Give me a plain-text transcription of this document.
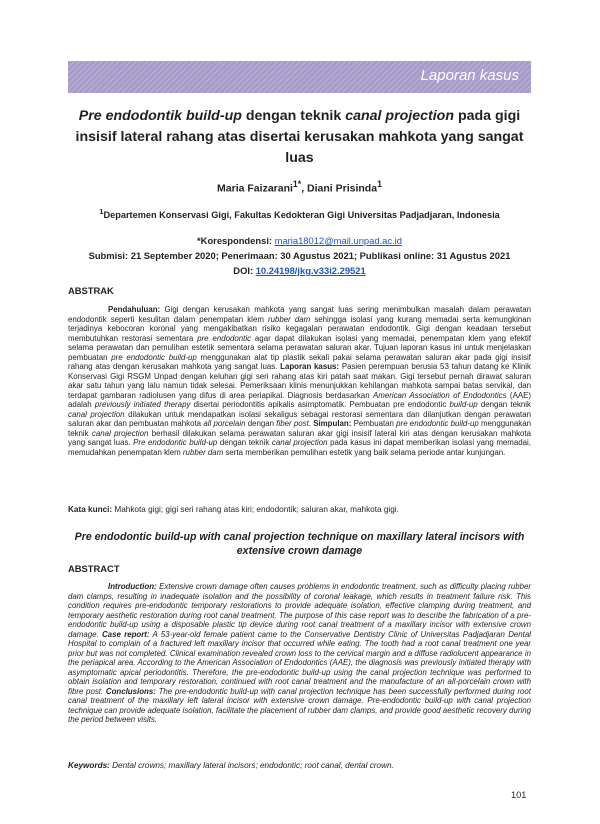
Laporan kasus
Pre endodontik build-up dengan teknik canal projection pada gigi insisif lateral rahang atas disertai kerusakan mahkota yang sangat luas
Maria Faizarani$^{1*}$, Diani Prisinda$^1$
$^1$Departemen Konservasi Gigi, Fakultas Kedokteran Gigi Universitas Padjadjaran, Indonesia
*Korespondensi: maria18012@mail.unpad.ac.id
Submisi: 21 September 2020; Penerimaan: 30 Agustus 2021; Publikasi online: 31 Agustus 2021
DOI: 10.24198/jkg.v33i2.29521
ABSTRAK
Pendahuluan: Gigi dengan kerusakan mahkota yang sangat luas sering menimbulkan masalah dalam perawatan endodontik seperti kesulitan dalam penempatan klem rubber dam sehingga isolasi yang kurang memadai serta kemungkinan terjadinya kebocoran koronal yang mengakibatkan risiko kegagalan perawatan endodontik. Gigi dengan keadaan tersebut membutuhkan restorasi sementara pre endodontic agar dapat dilakukan isolasi yang memadai, penempatan klem yang efektif selama perawatan dan pemulihan estetik sementara selama perawatan saluran akar. Tujuan laporan kasus ini untuk menjelaskan pembuatan pre endodontic build-up menggunakan alat tip plastik sekali pakai selama perawatan saluran akar pada gigi insisif rahang atas dengan kerusakan mahkota yang sangat luas. Laporan kasus: Pasien perempuan berusia 53 tahun datang ke Klinik Konservasi Gigi RSGM Unpad dengan keluhan gigi seri rahang atas kiri patah saat makan. Gigi tersebut pernah dirawat saluran akar satu tahun yang lalu namun tidak selesai. Pemeriksaan klinis menunjukkan kehilangan mahkota sampai batas servikal, dan terdapat gambaran radiolusen yang difus di area periapikal. Diagnosis berdasarkan American Association of Endodontics (AAE) adalah previously initiated therapy disertai periodontitis apikalis asimptomatik. Pembuatan pre endodontic build-up dengan teknik canal projection dilakukan untuk mendapatkan isolasi sekaligus sebagai restorasi sementara dan dilanjutkan dengan perawatan saluran akar dan pembuatan mahkota all porcelain dengan fiber post. Simpulan: Pembuatan pre endodontic build-up menggunakan teknik canal projection berhasil dilakukan selama perawatan saluran akar gigi insisif lateral kiri atas dengan kerusakan mahkota yang sangat luas. Pre endodontic build-up dengan teknik canal projection pada kasus ini dapat memberikan isolasi yang memadai, memudahkan penempatan klem rubber dam serta memberikan pemulihan estetik yang baik selama periode antar kunjungan.
Kata kunci: Mahkota gigi; gigi seri rahang atas kiri; endodontik; saluran akar, mahkota gigi.
Pre endodontic build-up with canal projection technique on maxillary lateral incisors with extensive crown damage
ABSTRACT
Introduction: Extensive crown damage often causes problems in endodontic treatment, such as difficulty placing rubber dam clamps, resulting in inadequate isolation and the possibility of coronal leakage, which results in treatment failure risk. This condition requires pre-endodontic temporary restorations to provide adequate isolation, effective clamping during treatment, and temporary aesthetic restoration during root canal treatment. The purpose of this case report was to describe the fabrication of a pre-endodontic build-up using a disposable plastic tip device during root canal treatment of a maxillary incisor with extensive crown damage. Case report: A 53-year-old female patient came to the Conservative Dentistry Clinic of Universitas Padjadjaran Dental Hospital to complain of a fractured left maxillary incisor that occurred while eating. The tooth had a root canal treatment one year prior but was not completed. Clinical examination revealed crown loss to the cervical margin and a diffuse radiolucent appearance in the periapical area. According to the American Association of Endodontics (AAE), the diagnosis was previously initiated therapy with asymptomatic apical periodontitis. Therefore, the pre-endodontic build-up using the canal projection technique was performed to obtain isolation and temporary restoration, continued with root canal treatment and the manufacture of an all-porcelain crown with fibre post. Conclusions: The pre-endodontic build-up with canal projection technique has been successfully performed during root canal treatment of the maxillary left lateral incisor with extensive crown damage. Pre-endodontic build-up with canal projection technique can provide adequate isolation, facilitate the placement of rubber dam clamps, and provide good aesthetic recovery during the period between visits.
Keywords: Dental crowns; maxillary lateral incisors; endodontic; root canal, dental crown.
101
